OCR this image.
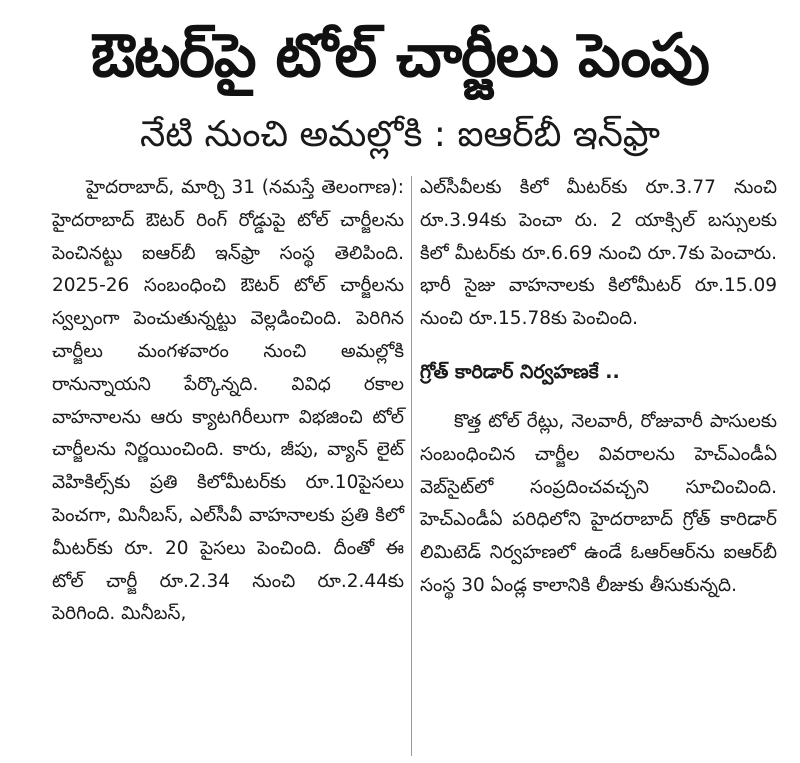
ఔటర్‌పై టోల్ చార్జీలు పెంపు
నేటి నుంచి అమల్లోకి : ఐఆర్‌బీ ఇన్‌ఫ్రా

హైదరాబాద్, మార్చి 31 (నమస్తే తెలంగాణ): హైదరాబాద్ ఔటర్ రింగ్ రోడ్డుపై టోల్ చార్జీలను పెంచినట్టు ఐఆర్‌బీ ఇన్‌ఫ్రా సంస్థ తెలిపింది. 2025-26 సంబంధించి ఔటర్ టోల్ చార్జీలను స్వల్పంగా పెంచుతున్నట్టు వెల్లడించింది. పెరిగిన చార్జీలు మంగళవారం నుంచి అమల్లోకి రానున్నాయని పేర్కొన్నది. వివిధ రకాల వాహనాలను ఆరు క్యాటగిరీలుగా విభజించి టోల్ చార్జీలను నిర్ణయించింది. కారు, జీపు, వ్యాన్ లైట్ వెహికిల్స్‌కు ప్రతి కిలోమీటర్‌కు రూ.10పైసలు పెంచగా, మినీబస్, ఎల్‌సీవీ వాహనాలకు ప్రతి కిలో మీటర్‌కు రూ. 20 పైసలు పెంచింది. దీంతో ఈ టోల్ చార్జీ రూ.2.34 నుంచి రూ.2.44కు పెరిగింది. మినీబస్,

ఎల్‌సీవీలకు కిలో మీటర్‌కు రూ.3.77 నుంచి రూ.3.94కు పెంచా రు. 2 యాక్సిల్ బస్సులకు కిలో మీటర్‌కు రూ.6.69 నుంచి రూ.7కు పెంచారు. భారీ సైజు వాహనాలకు కిలోమీటర్ రూ.15.09 నుంచి రూ.15.78కు పెంచింది.

గ్రోత్ కారిడార్ నిర్వహణకే ..

కొత్త టోల్ రేట్లు, నెలవారీ, రోజువారీ పాసులకు సంబంధించిన చార్జీల వివరాలను హెచ్‌ఎండీఏ వెబ్‌సైట్‌లో సంప్రదించవచ్చని సూచించింది. హెచ్‌ఎండీఏ పరిధిలోని హైదరాబాద్ గ్రోత్ కారిడార్ లిమిటెడ్ నిర్వహణలో ఉండే ఓఆర్‌ఆర్‌ను ఐఆర్‌బీ సంస్థ 30 ఏండ్ల కాలానికి లీజుకు తీసుకున్నది.
